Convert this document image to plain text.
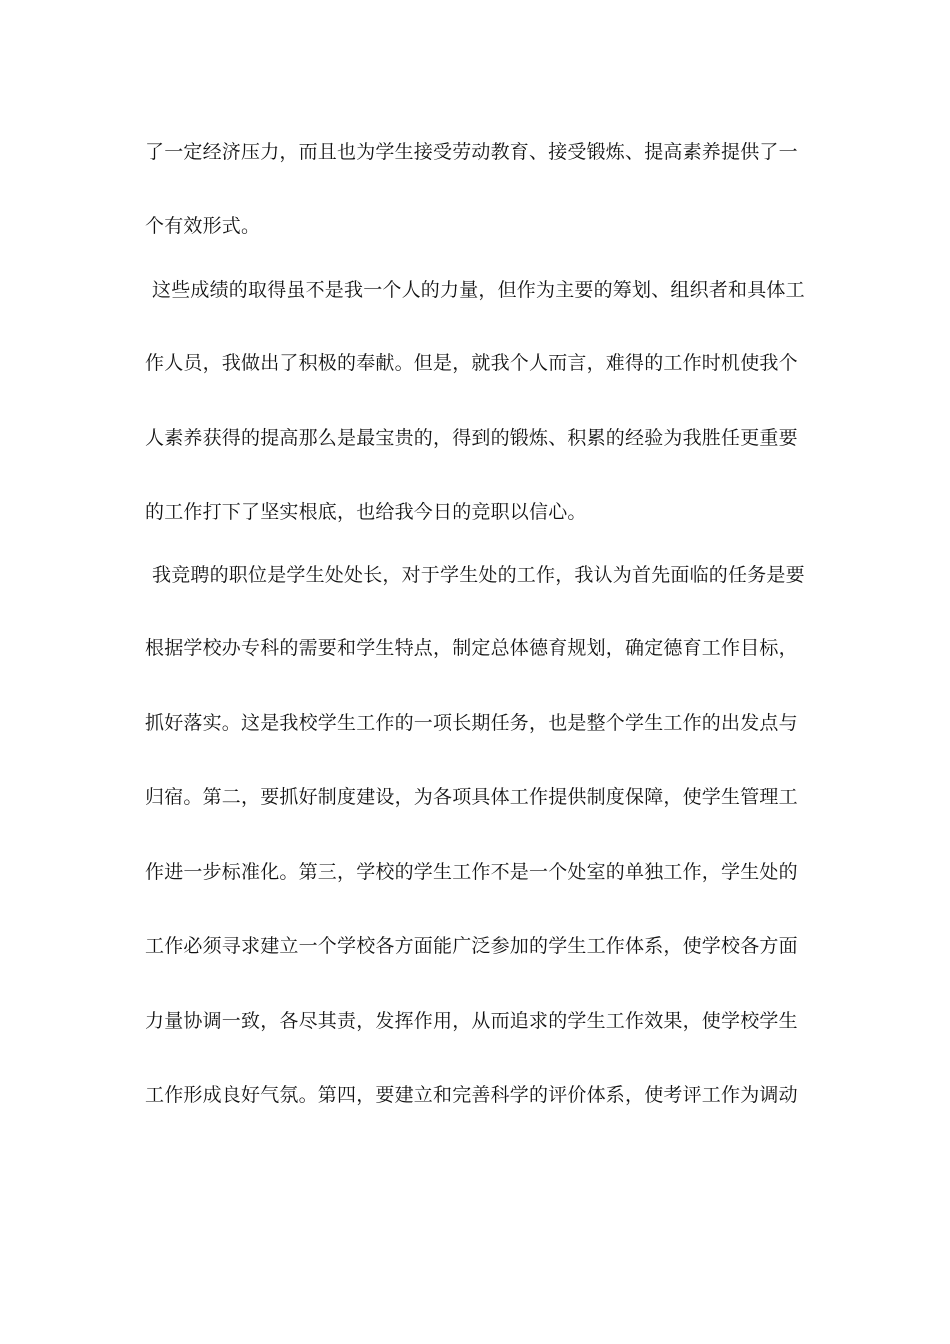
了一定经济压力，而且也为学生接受劳动教育、接受锻炼、提高素养提供了一
个有效形式。
这些成绩的取得虽不是我一个人的力量，但作为主要的筹划、组织者和具体工
作人员，我做出了积极的奉献。但是，就我个人而言，难得的工作时机使我个
人素养获得的提高那么是最宝贵的，得到的锻炼、积累的经验为我胜任更重要
的工作打下了坚实根底，也给我今日的竞职以信心。
我竞聘的职位是学生处处长，对于学生处的工作，我认为首先面临的任务是要
根据学校办专科的需要和学生特点，制定总体德育规划，确定德育工作目标，
抓好落实。这是我校学生工作的一项长期任务，也是整个学生工作的出发点与
归宿。第二，要抓好制度建设，为各项具体工作提供制度保障，使学生管理工
作进一步标准化。第三，学校的学生工作不是一个处室的单独工作，学生处的
工作必须寻求建立一个学校各方面能广泛参加的学生工作体系，使学校各方面
力量协调一致，各尽其责，发挥作用，从而追求的学生工作效果，使学校学生
工作形成良好气氛。第四，要建立和完善科学的评价体系，使考评工作为调动
